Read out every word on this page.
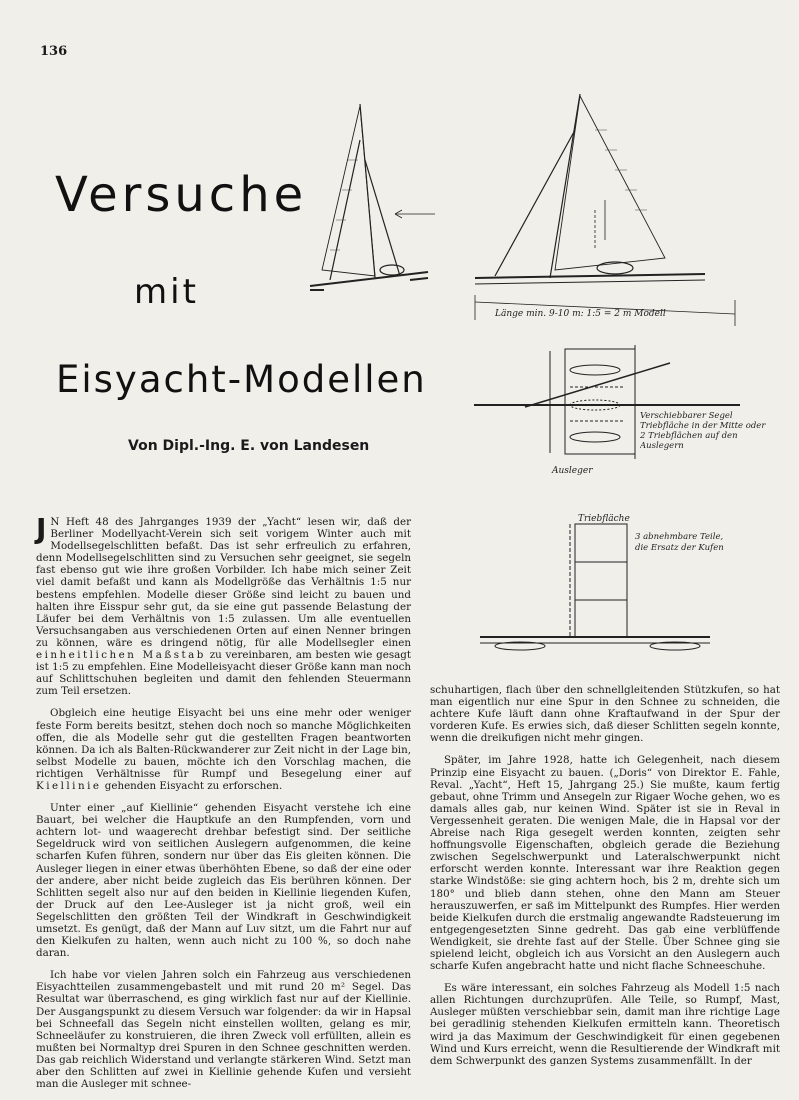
136
Versuche
mit
Eisyacht-Modellen
Von Dipl.-Ing. E. von Landesen
Länge min. 9-10 m: 1:5 = 2 m Modell
Ausleger
Verschiebbarer Segel Triebfläche in der Mitte oder 2 Triebflächen auf den Auslegern
Triebfläche
3 abnehmbare Teile, die Ersatz der Kufen

J N Heft 48 des Jahrganges 1939 der „Yacht“ lesen wir, daß der Berliner Modellyacht-Verein sich seit vorigem Winter auch mit Modellsegelschlitten befaßt. Das ist sehr erfreulich zu erfahren, denn Modellsegelschlitten sind zu Versuchen sehr geeignet, sie segeln fast ebenso gut wie ihre großen Vorbilder. Ich habe mich seiner Zeit viel damit befaßt und kann als Modellgröße das Verhältnis 1:5 nur bestens empfehlen. Modelle dieser Größe sind leicht zu bauen und halten ihre Eisspur sehr gut, da sie eine gut passende Belastung der Läufer bei dem Verhältnis von 1:5 zulassen. Um alle eventuellen Versuchsangaben aus verschiedenen Orten auf einen Nenner bringen zu können, wäre es dringend nötig, für alle Modellsegler einen einheitlichen Maßstab zu vereinbaren, am besten wie gesagt ist 1:5 zu empfehlen. Eine Modelleisyacht dieser Größe kann man noch auf Schlittschuhen begleiten und damit den fehlenden Steuermann zum Teil ersetzen.

Obgleich eine heutige Eisyacht bei uns eine mehr oder weniger feste Form bereits besitzt, stehen doch noch so manche Möglichkeiten offen, die als Modelle sehr gut die gestellten Fragen beantworten können. Da ich als Balten-Rückwanderer zur Zeit nicht in der Lage bin, selbst Modelle zu bauen, möchte ich den Vorschlag machen, die richtigen Verhältnisse für Rumpf und Besegelung einer auf Kiellinie gehenden Eisyacht zu erforschen.

Unter einer „auf Kiellinie“ gehenden Eisyacht verstehe ich eine Bauart, bei welcher die Hauptkufe an den Rumpfenden, vorn und achtern lot- und waagerecht drehbar befestigt sind. Der seitliche Segeldruck wird von seitlichen Auslegern aufgenommen, die keine scharfen Kufen führen, sondern nur über das Eis gleiten können. Die Ausleger liegen in einer etwas überhöhten Ebene, so daß der eine oder der andere, aber nicht beide zugleich das Eis berühren können. Der Schlitten segelt also nur auf den beiden in Kiellinie liegenden Kufen, der Druck auf den Lee-Ausleger ist ja nicht groß, weil ein Segelschlitten den größten Teil der Windkraft in Geschwindigkeit umsetzt. Es genügt, daß der Mann auf Luv sitzt, um die Fahrt nur auf den Kielkufen zu halten, wenn auch nicht zu 100 %, so doch nahe daran.

Ich habe vor vielen Jahren solch ein Fahrzeug aus verschiedenen Eisyachtteilen zusammengebastelt und mit rund 20 m² Segel. Das Resultat war überraschend, es ging wirklich fast nur auf der Kiellinie. Der Ausgangspunkt zu diesem Versuch war folgender: da wir in Hapsal bei Schneefall das Segeln nicht einstellen wollten, gelang es mir, Schneeläufer zu konstruieren, die ihren Zweck voll erfüllten, allein es mußten bei Normaltyp drei Spuren in den Schnee geschnitten werden. Das gab reichlich Widerstand und verlangte stärkeren Wind. Setzt man aber den Schlitten auf zwei in Kiellinie gehende Kufen und versieht man die Ausleger mit schnee-

schuhartigen, flach über den schnellgleitenden Stützkufen, so hat man eigentlich nur eine Spur in den Schnee zu schneiden, die achtere Kufe läuft dann ohne Kraftaufwand in der Spur der vorderen Kufe. Es erwies sich, daß dieser Schlitten segeln konnte, wenn die dreikufigen nicht mehr gingen.

Später, im Jahre 1928, hatte ich Gelegenheit, nach diesem Prinzip eine Eisyacht zu bauen. („Doris“ von Direktor E. Fahle, Reval. „Yacht“, Heft 15, Jahrgang 25.) Sie mußte, kaum fertig gebaut, ohne Trimm und Ansegeln zur Rigaer Woche gehen, wo es damals alles gab, nur keinen Wind. Später ist sie in Reval in Vergessenheit geraten. Die wenigen Male, die in Hapsal vor der Abreise nach Riga gesegelt werden konnten, zeigten sehr hoffnungsvolle Eigenschaften, obgleich gerade die Beziehung zwischen Segelschwerpunkt und Lateralschwerpunkt nicht erforscht werden konnte. Interessant war ihre Reaktion gegen starke Windstöße: sie ging achtern hoch, bis 2 m, drehte sich um 180° und blieb dann stehen, ohne den Mann am Steuer herauszuwerfen, er saß im Mittelpunkt des Rumpfes. Hier werden beide Kielkufen durch die erstmalig angewandte Radsteuerung im entgegengesetzten Sinne gedreht. Das gab eine verblüffende Wendigkeit, sie drehte fast auf der Stelle. Über Schnee ging sie spielend leicht, obgleich ich aus Vorsicht an den Auslegern auch scharfe Kufen angebracht hatte und nicht flache Schneeschuhe.

Es wäre interessant, ein solches Fahrzeug als Modell 1:5 nach allen Richtungen durchzuprüfen. Alle Teile, so Rumpf, Mast, Ausleger müßten verschiebbar sein, damit man ihre richtige Lage bei geradlinig stehenden Kielkufen ermitteln kann. Theoretisch wird ja das Maximum der Geschwindigkeit für einen gegebenen Wind und Kurs erreicht, wenn die Resultierende der Windkraft mit dem Schwerpunkt des ganzen Systems zusammenfällt. In der
